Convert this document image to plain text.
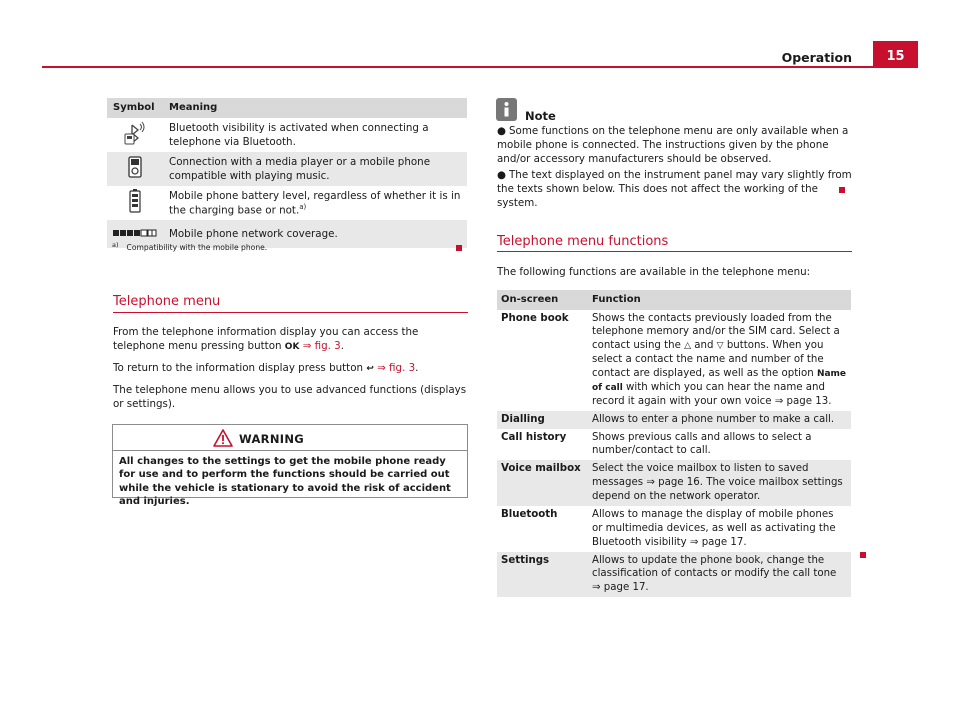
Operation	15
Symbol	Meaning
	Bluetooth visibility is activated when connecting a telephone via Bluetooth.
	Connection with a media player or a mobile phone compatible with playing music.
	Mobile phone battery level, regardless of whether it is in the charging base or not.$^{a)}$
	Mobile phone network coverage.
a) Compatibility with the mobile phone.
Telephone menu
From the telephone information display you can access the telephone menu pressing button OK ⇒ fig. 3.
To return to the information display press button ↩ ⇒ fig. 3.
The telephone menu allows you to use advanced functions (displays or settings).
WARNING
All changes to the settings to get the mobile phone ready for use and to perform the functions should be carried out while the vehicle is stationary to avoid the risk of accident and injuries.
Note
● Some functions on the telephone menu are only available when a mobile phone is connected. The instructions given by the phone and/or accessory manufacturers should be observed.
● The text displayed on the instrument panel may vary slightly from the texts shown below. This does not affect the working of the system.
Telephone menu functions
The following functions are available in the telephone menu:
On-screen	Function
Phone book	Shows the contacts previously loaded from the telephone memory and/or the SIM card. Select a contact using the △ and ▽ buttons. When you select a contact the name and number of the contact are displayed, as well as the option Name of call with which you can hear the name and record it again with your own voice ⇒ page 13.
Dialling	Allows to enter a phone number to make a call.
Call history	Shows previous calls and allows to select a number/contact to call.
Voice mailbox	Select the voice mailbox to listen to saved messages ⇒ page 16. The voice mailbox settings depend on the network operator.
Bluetooth	Allows to manage the display of mobile phones or multimedia devices, as well as activating the Bluetooth visibility ⇒ page 17.
Settings	Allows to update the phone book, change the classification of contacts or modify the call tone ⇒ page 17.
